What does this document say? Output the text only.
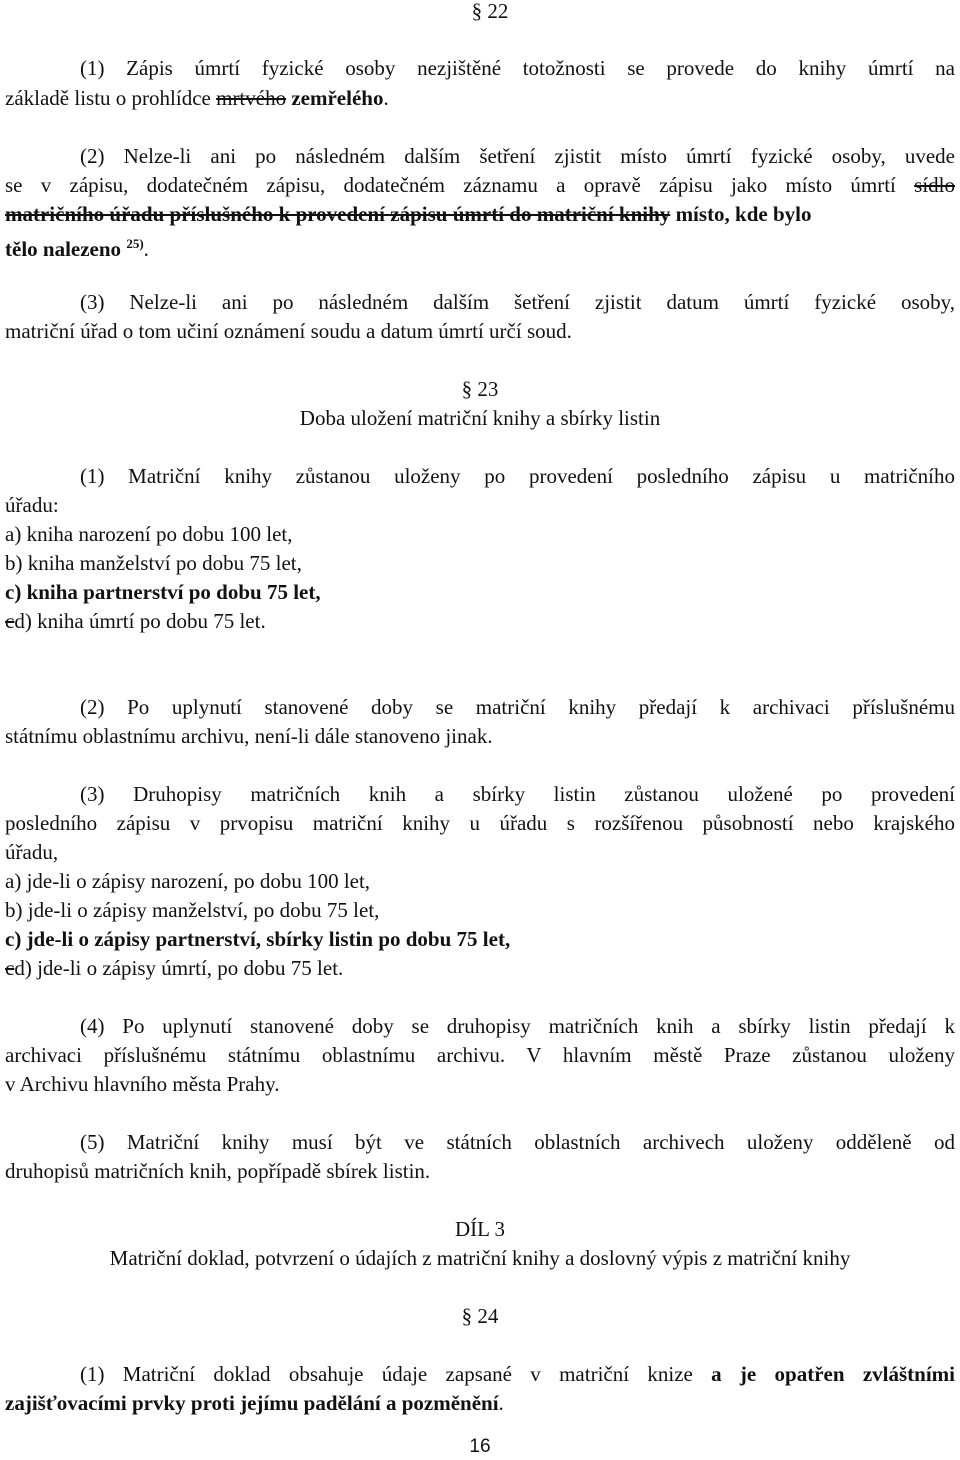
§ 22
(1) Zápis úmrtí fyzické osoby nezjištěné totožnosti se provede do knihy úmrtí na
základě listu o prohlídce mrtvého zemřelého.
(2) Nelze-li ani po následném dalším šetření zjistit místo úmrtí fyzické osoby, uvede
se v zápisu, dodatečném zápisu, dodatečném záznamu a opravě zápisu jako místo úmrtí sídlo
matričního úřadu příslušného k provedení zápisu úmrtí do matriční knihy místo, kde bylo
tělo nalezeno $^{25)}$.
(3) Nelze-li ani po následném dalším šetření zjistit datum úmrtí fyzické osoby,
matriční úřad o tom učiní oznámení soudu a datum úmrtí určí soud.
§ 23
Doba uložení matriční knihy a sbírky listin
(1) Matriční knihy zůstanou uloženy po provedení posledního zápisu u matričního
úřadu:
a) kniha narození po dobu 100 let,
b) kniha manželství po dobu 75 let,
c) kniha partnerství po dobu 75 let,
cd) kniha úmrtí po dobu 75 let.
(2) Po uplynutí stanovené doby se matriční knihy předají k archivaci příslušnému
státnímu oblastnímu archivu, není-li dále stanoveno jinak.
(3) Druhopisy matričních knih a sbírky listin zůstanou uložené po provedení
posledního zápisu v prvopisu matriční knihy u úřadu s rozšířenou působností nebo krajského
úřadu,
a) jde-li o zápisy narození, po dobu 100 let,
b) jde-li o zápisy manželství, po dobu 75 let,
c) jde-li o zápisy partnerství, sbírky listin po dobu 75 let,
cd) jde-li o zápisy úmrtí, po dobu 75 let.
(4) Po uplynutí stanovené doby se druhopisy matričních knih a sbírky listin předají k
archivaci příslušnému státnímu oblastnímu archivu. V hlavním městě Praze zůstanou uloženy
v Archivu hlavního města Prahy.
(5) Matriční knihy musí být ve státních oblastních archivech uloženy odděleně od
druhopisů matričních knih, popřípadě sbírek listin.
DÍL 3
Matriční doklad, potvrzení o údajích z matriční knihy a doslovný výpis z matriční knihy
§ 24
(1) Matriční doklad obsahuje údaje zapsané v matriční knize a je opatřen zvláštními
zajišťovacími prvky proti jejímu padělání a pozměnění.
16
